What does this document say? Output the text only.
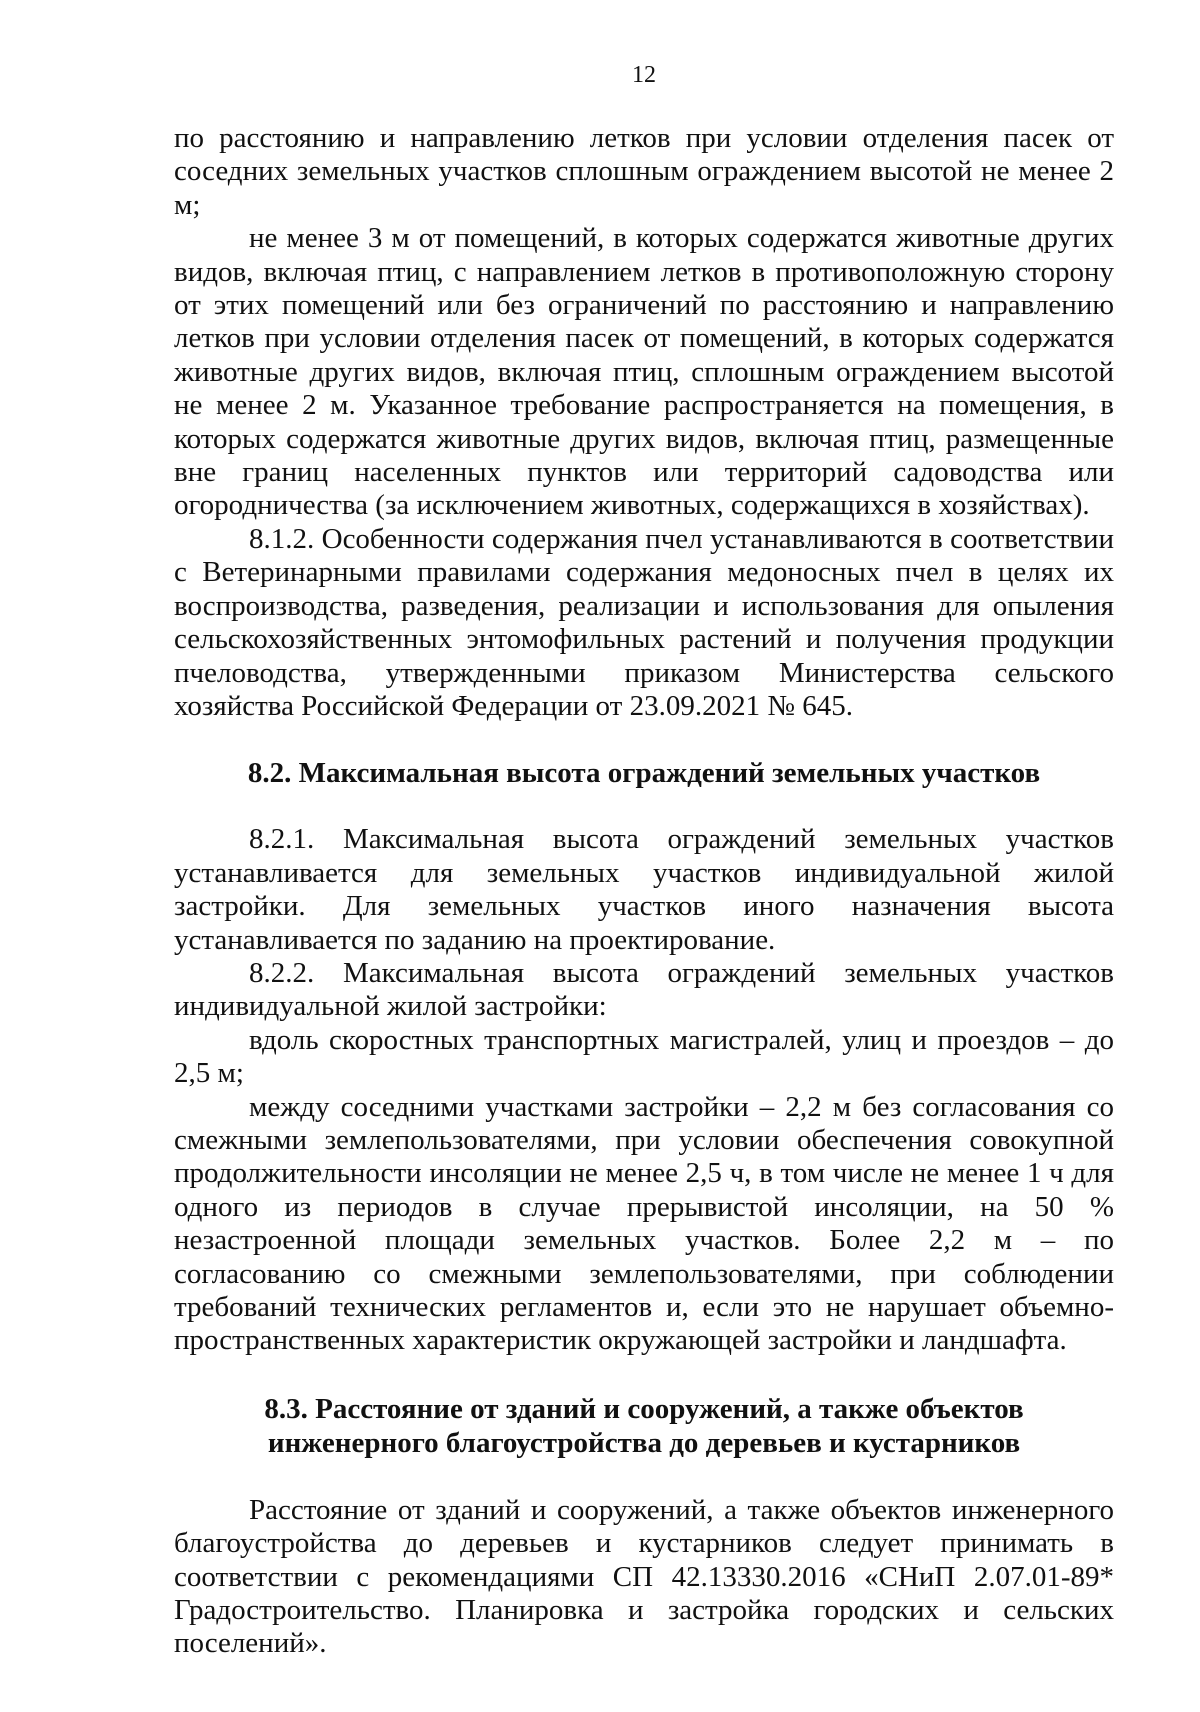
12

по расстоянию и направлению летков при условии отделения пасек от соседних земельных участков сплошным ограждением высотой не менее 2 м;

не менее 3 м от помещений, в которых содержатся животные других видов, включая птиц, с направлением летков в противоположную сторону от этих помещений или без ограничений по расстоянию и направлению летков при условии отделения пасек от помещений, в которых содержатся животные других видов, включая птиц, сплошным ограждением высотой не менее 2 м. Указанное требование распространяется на помещения, в которых содержатся животные других видов, включая птиц, размещенные вне границ населенных пунктов или территорий садоводства или огородничества (за исключением животных, содержащихся в хозяйствах).

8.1.2. Особенности содержания пчел устанавливаются в соответствии с Ветеринарными правилами содержания медоносных пчел в целях их воспроизводства, разведения, реализации и использования для опыления сельскохозяйственных энтомофильных растений и получения продукции пчеловодства, утвержденными приказом Министерства сельского хозяйства Российской Федерации от 23.09.2021 № 645.

8.2. Максимальная высота ограждений земельных участков

8.2.1. Максимальная высота ограждений земельных участков устанавливается для земельных участков индивидуальной жилой застройки. Для земельных участков иного назначения высота устанавливается по заданию на проектирование.

8.2.2. Максимальная высота ограждений земельных участков индивидуальной жилой застройки:

вдоль скоростных транспортных магистралей, улиц и проездов – до 2,5 м;

между соседними участками застройки – 2,2 м без согласования со смежными землепользователями, при условии обеспечения совокупной продолжительности инсоляции не менее 2,5 ч, в том числе не менее 1 ч для одного из периодов в случае прерывистой инсоляции, на 50 % незастроенной площади земельных участков. Более 2,2 м – по согласованию со смежными землепользователями, при соблюдении требований технических регламентов и, если это не нарушает объемно-пространственных характеристик окружающей застройки и ландшафта.

8.3. Расстояние от зданий и сооружений, а также объектов
инженерного благоустройства до деревьев и кустарников

Расстояние от зданий и сооружений, а также объектов инженерного благоустройства до деревьев и кустарников следует принимать в соответствии с рекомендациями СП 42.13330.2016 «СНиП 2.07.01-89* Градостроительство. Планировка и застройка городских и сельских поселений».
